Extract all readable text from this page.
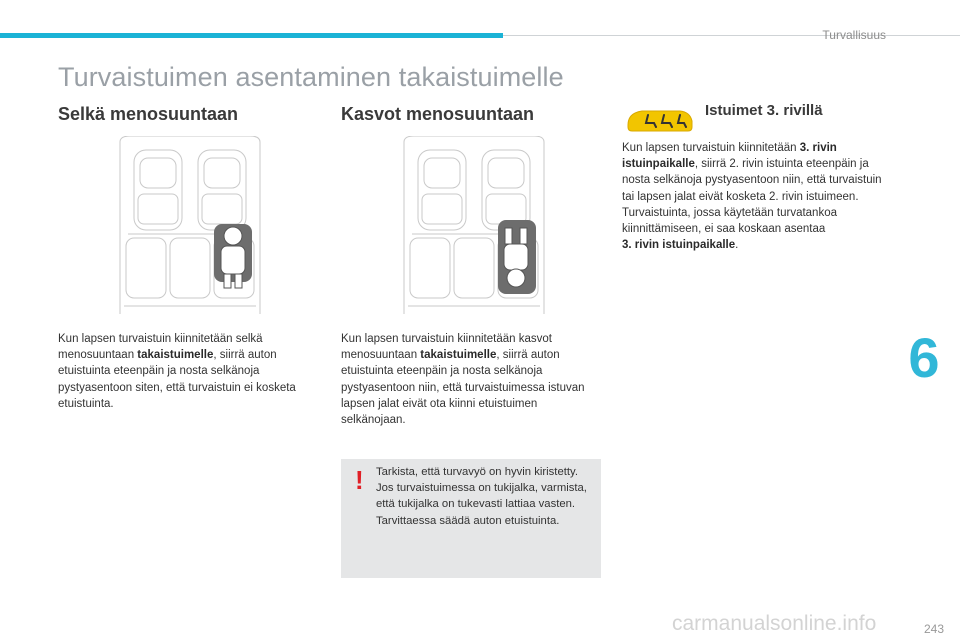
Turvallisuus
Turvaistuimen asentaminen takaistuimelle
Selkä menosuuntaan
Kun lapsen turvaistuin kiinnitetään selkä menosuuntaan takaistuimelle, siirrä auton etuistuinta eteenpäin ja nosta selkänoja pystyasentoon siten, että turvaistuin ei kosketa etuistuinta.
Kasvot menosuuntaan
Kun lapsen turvaistuin kiinnitetään kasvot menosuuntaan takaistuimelle, siirrä auton etuistuinta eteenpäin ja nosta selkänoja pystyasentoon niin, että turvaistuimessa istuvan lapsen jalat eivät ota kiinni etuistuimen selkänojaan.
! Tarkista, että turvavyö on hyvin kiristetty.
Jos turvaistuimessa on tukijalka, varmista, että tukijalka on tukevasti lattiaa vasten. Tarvittaessa säädä auton etuistuinta.
Istuimet 3. rivillä
Kun lapsen turvaistuin kiinnitetään 3. rivin istuinpaikalle, siirrä 2. rivin istuinta eteenpäin ja nosta selkänoja pystyasentoon niin, että turvaistuin tai lapsen jalat eivät kosketa 2. rivin istuimeen.
Turvaistuinta, jossa käytetään turvatankoa kiinnittämiseen, ei saa koskaan asentaa
3. rivin istuinpaikalle.
6
243
carmanualsonline.info
